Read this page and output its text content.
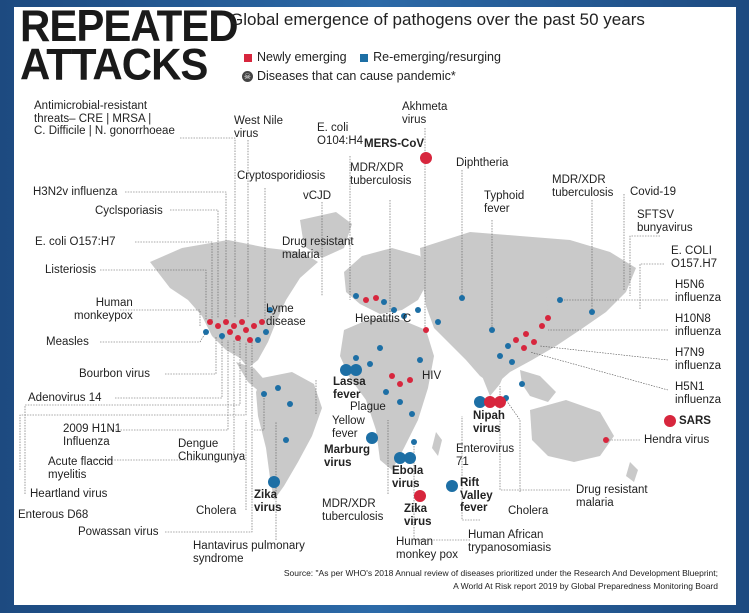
REPEATED
ATTACKS
Global emergence of pathogens over the past 50 years
Newly emerging Re-emerging/resurging
☠ Diseases that can cause pandemic*
Antimicrobial-resistant
threats– CRE | MRSA |
C. Difficile | N. gonorrhoeae
H3N2v influenza
Cyclsporiasis
E. coli O157:H7
Listeriosis
Human
monkeypox
Measles
Bourbon virus
Adenovirus 14
2009 H1N1
Influenza
Acute flaccid
myelitis
Heartland virus
Enterous D68
Powassan virus
West Nile
virus
Cryptosporidiosis
E. coli
O104:H4
vCJD
MDR/XDR
tuberculosis
Akhmeta
virus
MERS-CoV
Diphtheria
Typhoid
fever
MDR/XDR
tuberculosis Covid-19
SFTSV
bunyavirus
E. COLI
O157.H7
Drug resistant
malaria
Lyme
disease	Hepatitis C
H5N6
influenza
H10N8
influenza
H7N9
influenza
H5N1
influenza
SARS
Hendra virus
Lassa
fever
Plague
HIV
Yellow
fever
Marburg
virus
Nipah
virus
Enterovirus
71
Ebola
virus	Rift
Valley
fever
Dengue
Chikungunya
Cholera
Zika
virus
Hantavirus pulmonary
syndrome
MDR/XDR
tuberculosis
Zika
virus
Cholera
Drug resistant
malaria
Human African
trypanosomiasis
Human
monkey pox
Source: "As per WHO's 2018 Annual review of diseases prioritized under the Research And Development Blueprint;
A World At Risk report 2019 by Global Preparedness Monitoring Board
